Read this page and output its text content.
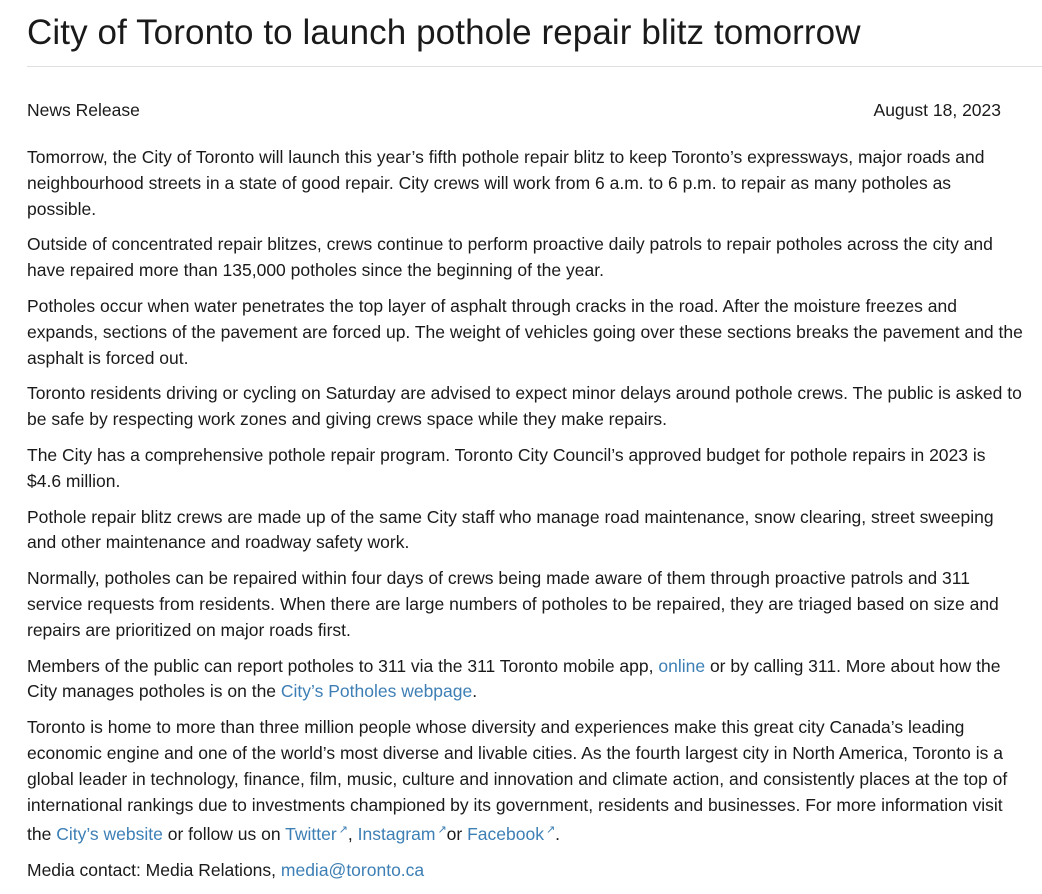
City of Toronto to launch pothole repair blitz tomorrow
News Release	August 18, 2023

Tomorrow, the City of Toronto will launch this year’s fifth pothole repair blitz to keep Toronto’s expressways, major roads and neighbourhood streets in a state of good repair. City crews will work from 6 a.m. to 6 p.m. to repair as many potholes as possible.

Outside of concentrated repair blitzes, crews continue to perform proactive daily patrols to repair potholes across the city and have repaired more than 135,000 potholes since the beginning of the year.

Potholes occur when water penetrates the top layer of asphalt through cracks in the road. After the moisture freezes and expands, sections of the pavement are forced up. The weight of vehicles going over these sections breaks the pavement and the asphalt is forced out.

Toronto residents driving or cycling on Saturday are advised to expect minor delays around pothole crews. The public is asked to be safe by respecting work zones and giving crews space while they make repairs.

The City has a comprehensive pothole repair program. Toronto City Council’s approved budget for pothole repairs in 2023 is $4.6 million.

Pothole repair blitz crews are made up of the same City staff who manage road maintenance, snow clearing, street sweeping and other maintenance and roadway safety work.

Normally, potholes can be repaired within four days of crews being made aware of them through proactive patrols and 311 service requests from residents. When there are large numbers of potholes to be repaired, they are triaged based on size and repairs are prioritized on major roads first.

Members of the public can report potholes to 311 via the 311 Toronto mobile app, online or by calling 311. More about how the City manages potholes is on the City’s Potholes webpage.

Toronto is home to more than three million people whose diversity and experiences make this great city Canada’s leading economic engine and one of the world’s most diverse and livable cities. As the fourth largest city in North America, Toronto is a global leader in technology, finance, film, music, culture and innovation and climate action, and consistently places at the top of international rankings due to investments championed by its government, residents and businesses. For more information visit the City’s website or follow us on Twitter ↗, Instagram ↗or Facebook ↗.

Media contact: Media Relations, media@toronto.ca
